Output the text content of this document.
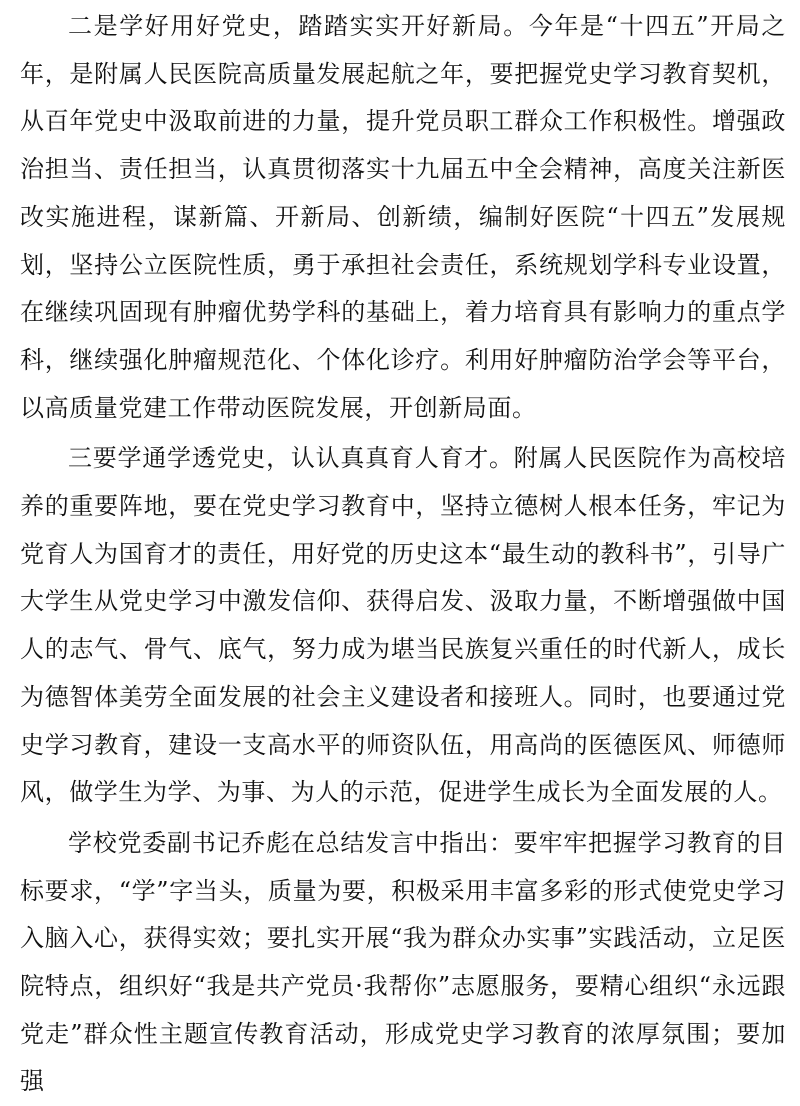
二是学好用好党史，踏踏实实开好新局。今年是“十四五”开局之年，是附属人民医院高质量发展起航之年，要把握党史学习教育契机，从百年党史中汲取前进的力量，提升党员职工群众工作积极性。增强政治担当、责任担当，认真贯彻落实十九届五中全会精神，高度关注新医改实施进程，谋新篇、开新局、创新绩，编制好医院“十四五”发展规划，坚持公立医院性质，勇于承担社会责任，系统规划学科专业设置，在继续巩固现有肿瘤优势学科的基础上，着力培育具有影响力的重点学科，继续强化肿瘤规范化、个体化诊疗。利用好肿瘤防治学会等平台，以高质量党建工作带动医院发展，开创新局面。

三要学通学透党史，认认真真育人育才。附属人民医院作为高校培养的重要阵地，要在党史学习教育中，坚持立德树人根本任务，牢记为党育人为国育才的责任，用好党的历史这本“最生动的教科书”，引导广大学生从党史学习中激发信仰、获得启发、汲取力量，不断增强做中国人的志气、骨气、底气，努力成为堪当民族复兴重任的时代新人，成长为德智体美劳全面发展的社会主义建设者和接班人。同时，也要通过党史学习教育，建设一支高水平的师资队伍，用高尚的医德医风、师德师风，做学生为学、为事、为人的示范，促进学生成长为全面发展的人。

学校党委副书记乔彪在总结发言中指出：要牢牢把握学习教育的目标要求，“学”字当头，质量为要，积极采用丰富多彩的形式使党史学习入脑入心，获得实效；要扎实开展“我为群众办实事”实践活动，立足医院特点，组织好“我是共产党员·我帮你”志愿服务，要精心组织“永远跟党走”群众性主题宣传教育活动，形成党史学习教育的浓厚氛围；要加强
